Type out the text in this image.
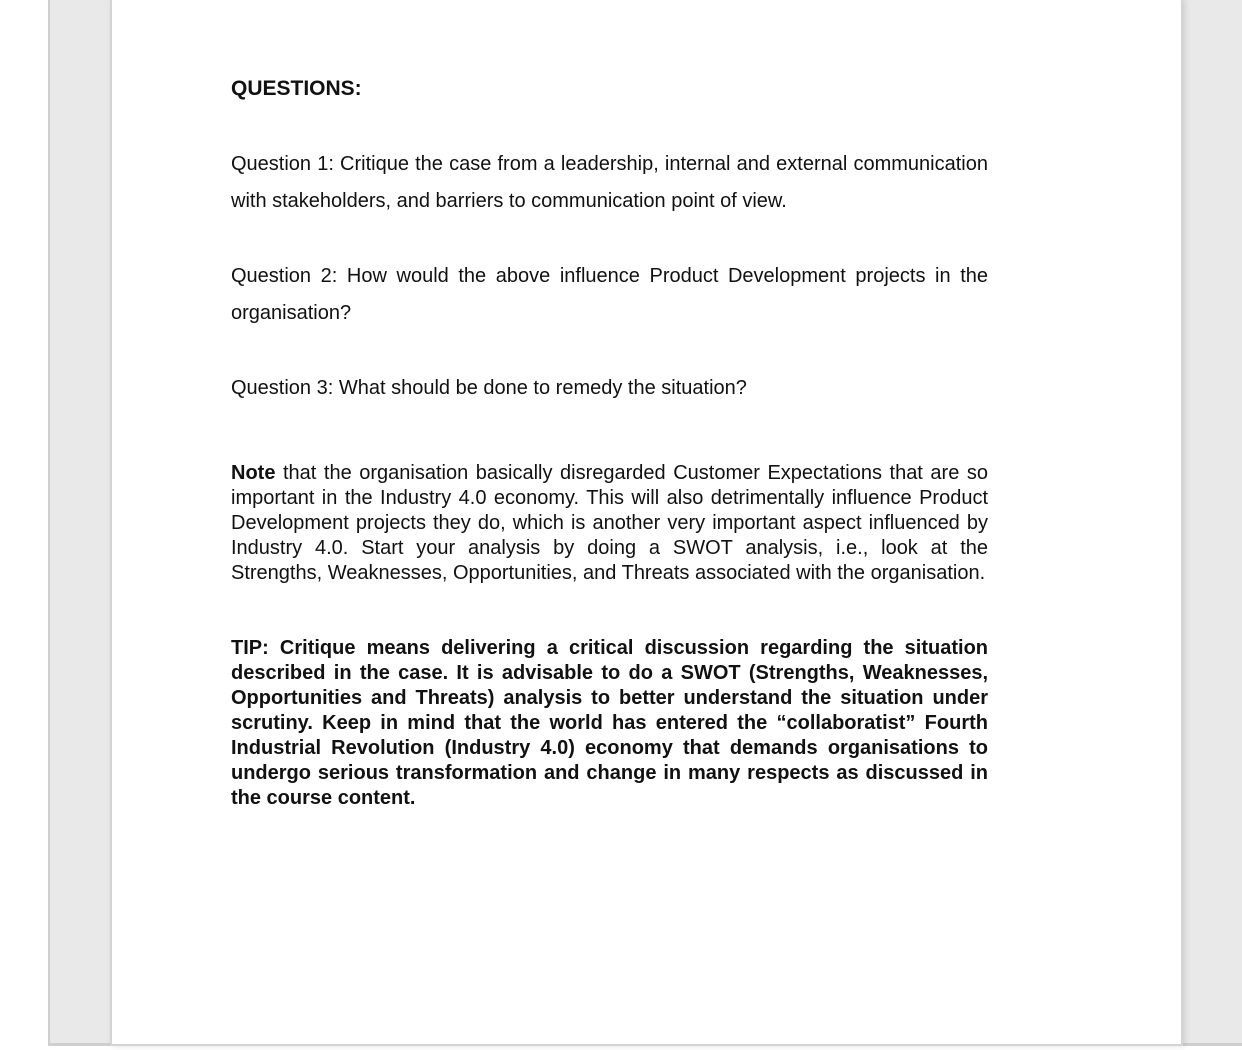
QUESTIONS:

Question 1: Critique the case from a leadership, internal and external communication with stakeholders, and barriers to communication point of view.

Question 2: How would the above influence Product Development projects in the organisation?

Question 3: What should be done to remedy the situation?

Note that the organisation basically disregarded Customer Expectations that are so important in the Industry 4.0 economy. This will also detrimentally influence Product Development projects they do, which is another very important aspect influenced by Industry 4.0. Start your analysis by doing a SWOT analysis, i.e., look at the Strengths, Weaknesses, Opportunities, and Threats associated with the organisation.

TIP: Critique means delivering a critical discussion regarding the situation described in the case. It is advisable to do a SWOT (Strengths, Weaknesses, Opportunities and Threats) analysis to better understand the situation under scrutiny. Keep in mind that the world has entered the “collaboratist” Fourth Industrial Revolution (Industry 4.0) economy that demands organisations to undergo serious transformation and change in many respects as discussed in the course content.
